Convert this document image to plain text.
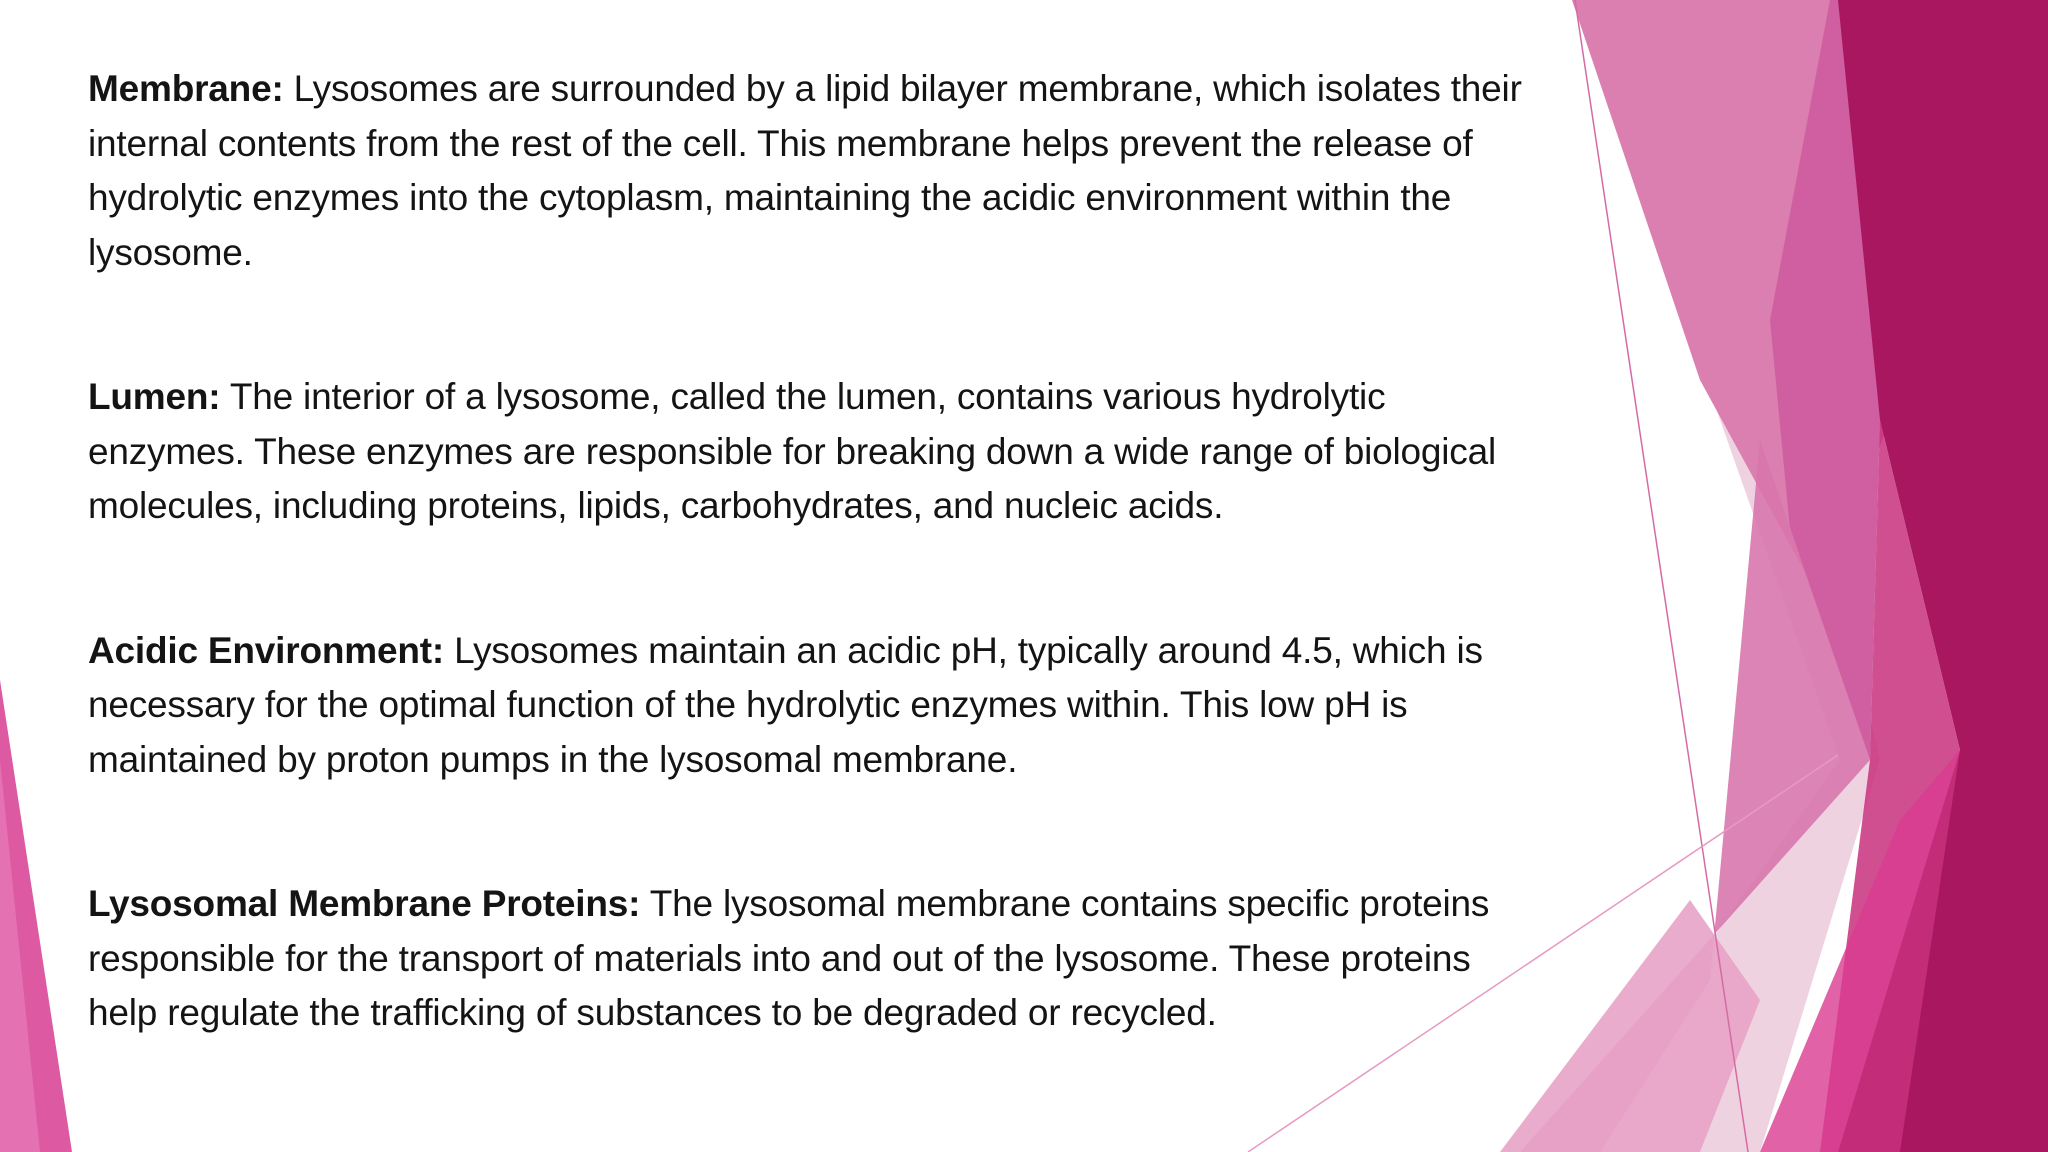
Membrane: Lysosomes are surrounded by a lipid bilayer membrane, which isolates their internal contents from the rest of the cell. This membrane helps prevent the release of hydrolytic enzymes into the cytoplasm, maintaining the acidic environment within the lysosome.

Lumen: The interior of a lysosome, called the lumen, contains various hydrolytic enzymes. These enzymes are responsible for breaking down a wide range of biological molecules, including proteins, lipids, carbohydrates, and nucleic acids.

Acidic Environment: Lysosomes maintain an acidic pH, typically around 4.5, which is necessary for the optimal function of the hydrolytic enzymes within. This low pH is maintained by proton pumps in the lysosomal membrane.

Lysosomal Membrane Proteins: The lysosomal membrane contains specific proteins responsible for the transport of materials into and out of the lysosome. These proteins help regulate the trafficking of substances to be degraded or recycled.
